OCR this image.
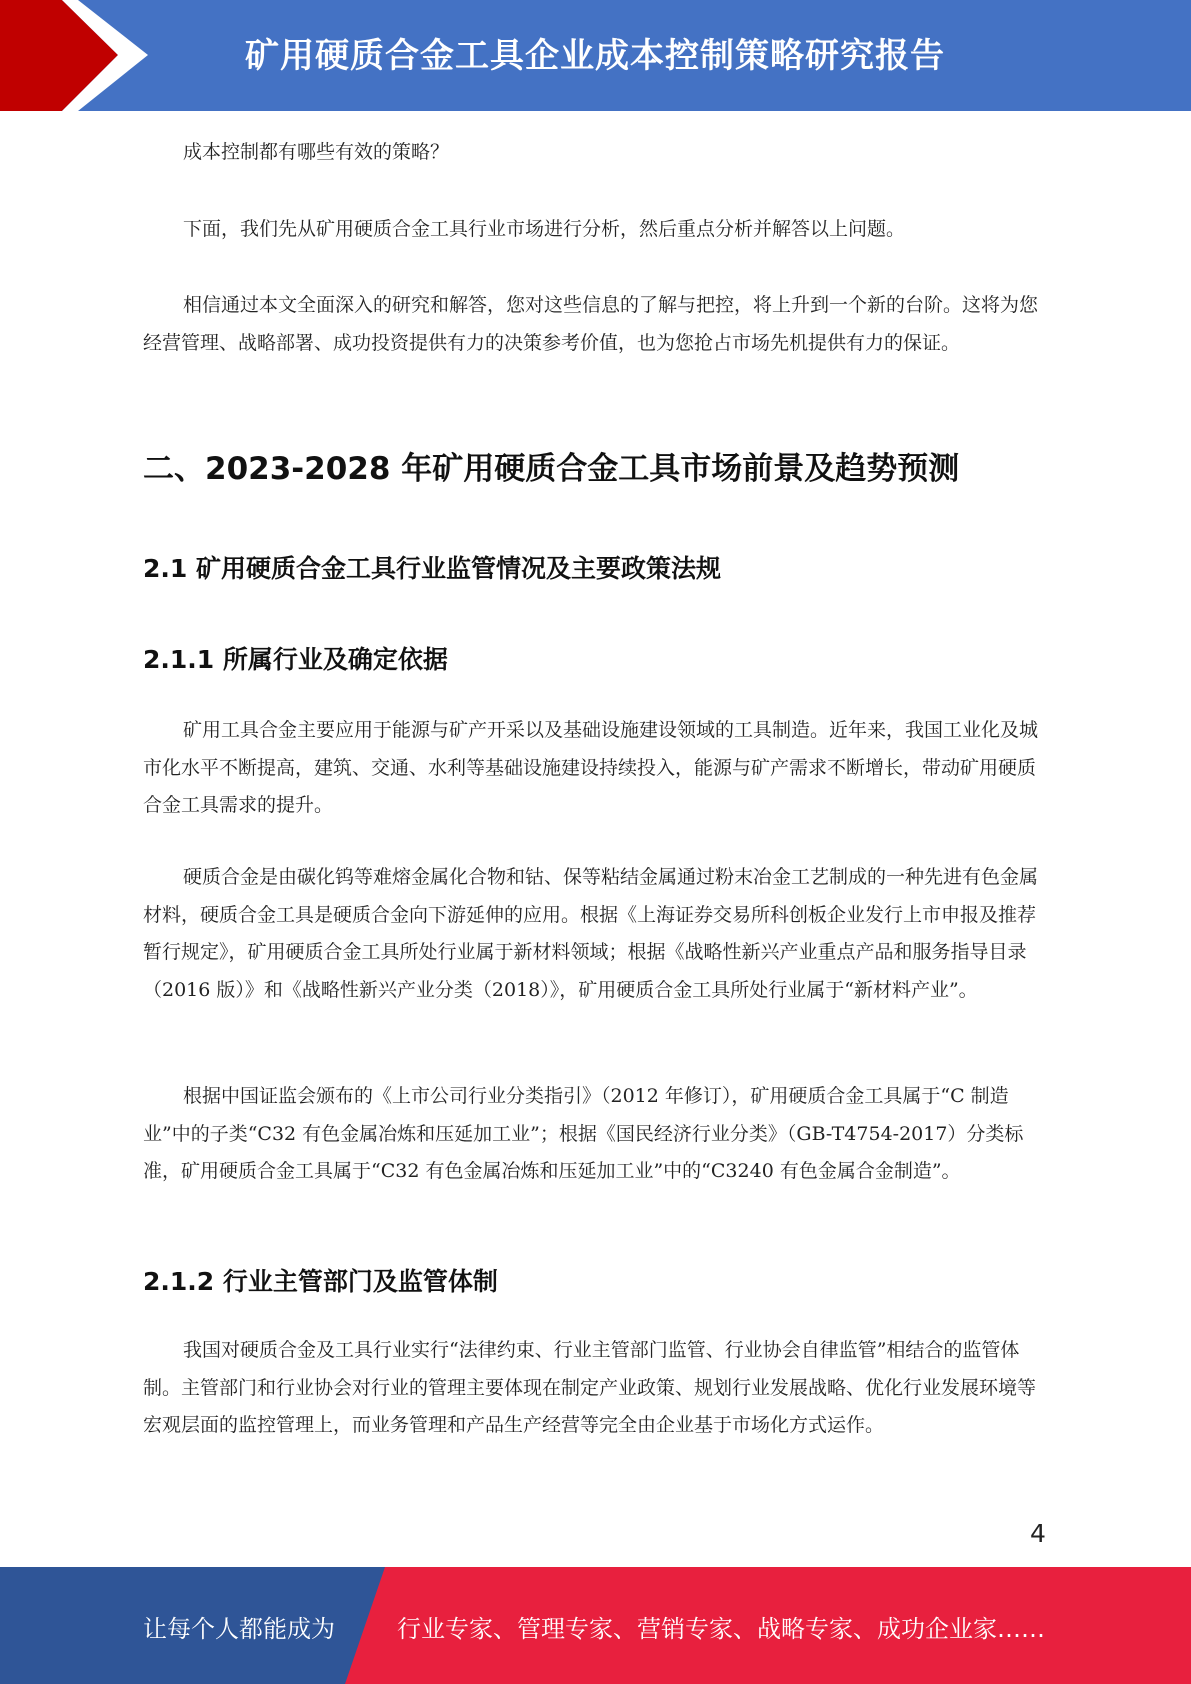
矿用硬质合金工具企业成本控制策略研究报告

成本控制都有哪些有效的策略？

下面，我们先从矿用硬质合金工具行业市场进行分析，然后重点分析并解答以上问题。

相信通过本文全面深入的研究和解答，您对这些信息的了解与把控，将上升到一个新的台阶。这将为您经营管理、战略部署、成功投资提供有力的决策参考价值，也为您抢占市场先机提供有力的保证。

二、2023-2028 年矿用硬质合金工具市场前景及趋势预测
2.1 矿用硬质合金工具行业监管情况及主要政策法规
2.1.1 所属行业及确定依据

矿用工具合金主要应用于能源与矿产开采以及基础设施建设领域的工具制造。近年来，我国工业化及城市化水平不断提高，建筑、交通、水利等基础设施建设持续投入，能源与矿产需求不断增长，带动矿用硬质合金工具需求的提升。

硬质合金是由碳化钨等难熔金属化合物和钴、保等粘结金属通过粉末冶金工艺制成的一种先进有色金属材料，硬质合金工具是硬质合金向下游延伸的应用。根据《上海证券交易所科创板企业发行上市申报及推荐暂行规定》，矿用硬质合金工具所处行业属于新材料领域；根据《战略性新兴产业重点产品和服务指导目录（2016 版）》和《战略性新兴产业分类（2018）》，矿用硬质合金工具所处行业属于“新材料产业”。

根据中国证监会颁布的《上市公司行业分类指引》（2012 年修订），矿用硬质合金工具属于“C 制造业”中的子类“C32 有色金属冶炼和压延加工业”；根据《国民经济行业分类》（GB-T4754-2017）分类标准，矿用硬质合金工具属于“C32 有色金属冶炼和压延加工业”中的“C3240 有色金属合金制造”。

2.1.2 行业主管部门及监管体制

我国对硬质合金及工具行业实行“法律约束、行业主管部门监管、行业协会自律监管”相结合的监管体制。主管部门和行业协会对行业的管理主要体现在制定产业政策、规划行业发展战略、优化行业发展环境等宏观层面的监控管理上，而业务管理和产品生产经营等完全由企业基于市场化方式运作。

4
让每个人都能成为	行业专家、管理专家、营销专家、战略专家、成功企业家……
